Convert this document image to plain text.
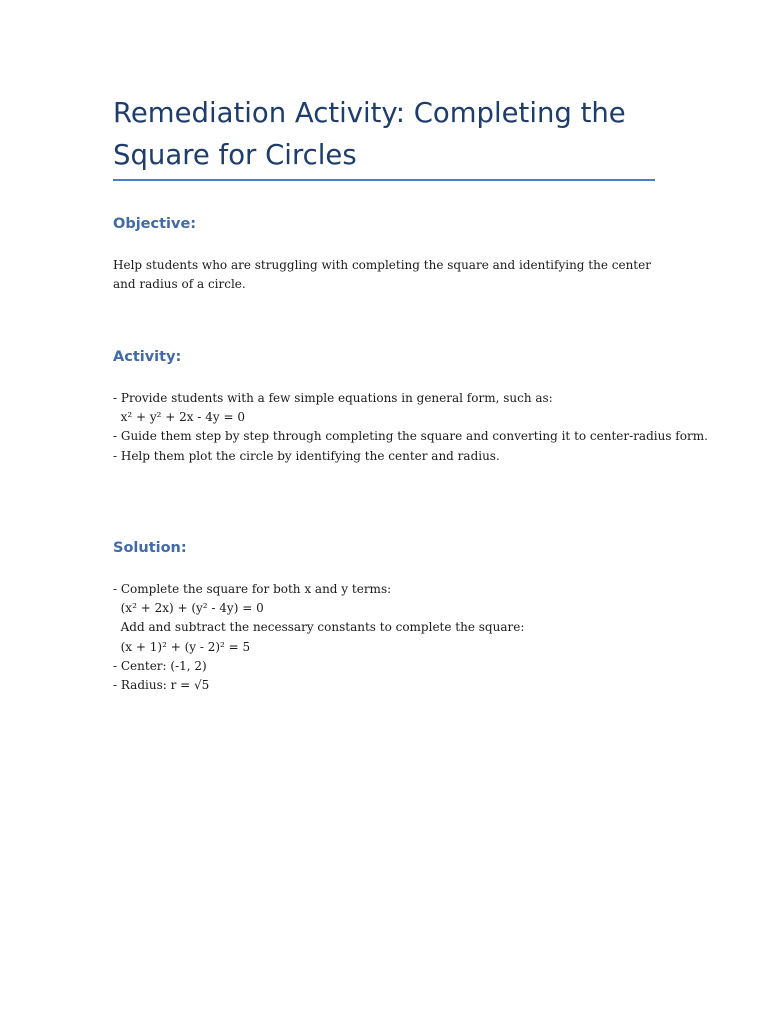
Remediation Activity: Completing the Square for Circles
Objective:

Help students who are struggling with completing the square and identifying the center and radius of a circle.

Activity:
- Provide students with a few simple equations in general form, such as:
x² + y² + 2x - 4y = 0
- Guide them step by step through completing the square and converting it to center-radius form.
- Help them plot the circle by identifying the center and radius.
Solution:
- Complete the square for both x and y terms:
(x² + 2x) + (y² - 4y) = 0
Add and subtract the necessary constants to complete the square:
(x + 1)² + (y - 2)² = 5
- Center: (-1, 2)
- Radius: r = √5
